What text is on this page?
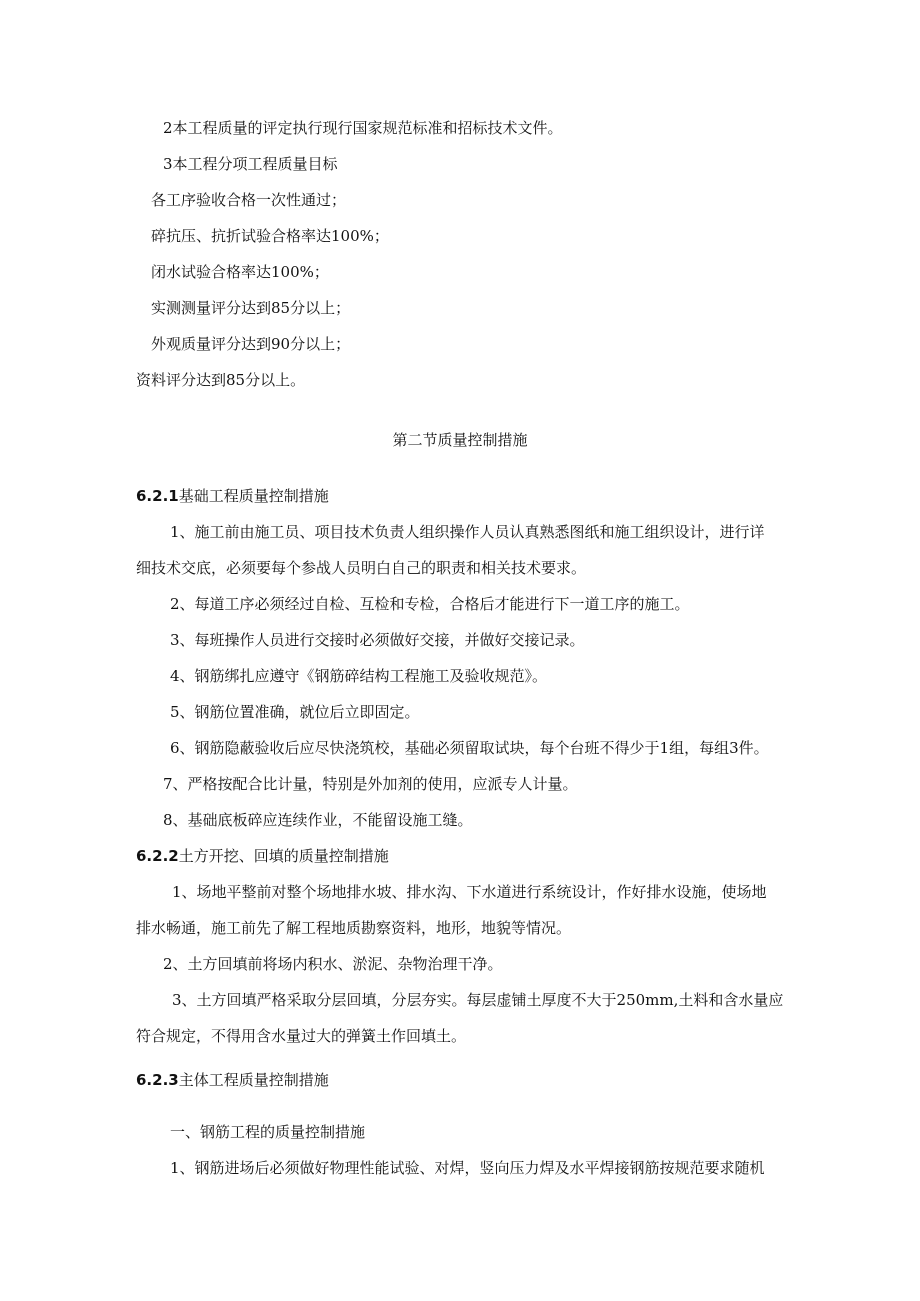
2本工程质量的评定执行现行国家规范标准和招标技术文件。

3本工程分项工程质量目标

各工序验收合格一次性通过；

碎抗压、抗折试验合格率达100%；

闭水试验合格率达100%；

实测测量评分达到85分以上；

外观质量评分达到90分以上；

资料评分达到85分以上。

第二节质量控制措施

6.2.1基础工程质量控制措施

1、施工前由施工员、项目技术负责人组织操作人员认真熟悉图纸和施工组织设计，进行详

细技术交底，必须要每个参战人员明白自己的职责和相关技术要求。

2、每道工序必须经过自检、互检和专检，合格后才能进行下一道工序的施工。

3、每班操作人员进行交接时必须做好交接，并做好交接记录。

4、钢筋绑扎应遵守《钢筋碎结构工程施工及验收规范》。

5、钢筋位置准确，就位后立即固定。

6、钢筋隐蔽验收后应尽快浇筑校，基础必须留取试块，每个台班不得少于1组，每组3件。

7、严格按配合比计量，特别是外加剂的使用，应派专人计量。

8、基础底板碎应连续作业，不能留设施工缝。

6.2.2土方开挖、回填的质量控制措施

1、场地平整前对整个场地排水坡、排水沟、下水道进行系统设计，作好排水设施，使场地

排水畅通，施工前先了解工程地质勘察资料，地形，地貌等情况。

2、土方回填前将场内积水、淤泥、杂物治理干净。

3、土方回填严格采取分层回填，分层夯实。每层虚铺土厚度不大于250mm,土料和含水量应

符合规定，不得用含水量过大的弹簧土作回填土。

6.2.3主体工程质量控制措施

一、钢筋工程的质量控制措施

1、钢筋进场后必须做好物理性能试验、对焊，竖向压力焊及水平焊接钢筋按规范要求随机
